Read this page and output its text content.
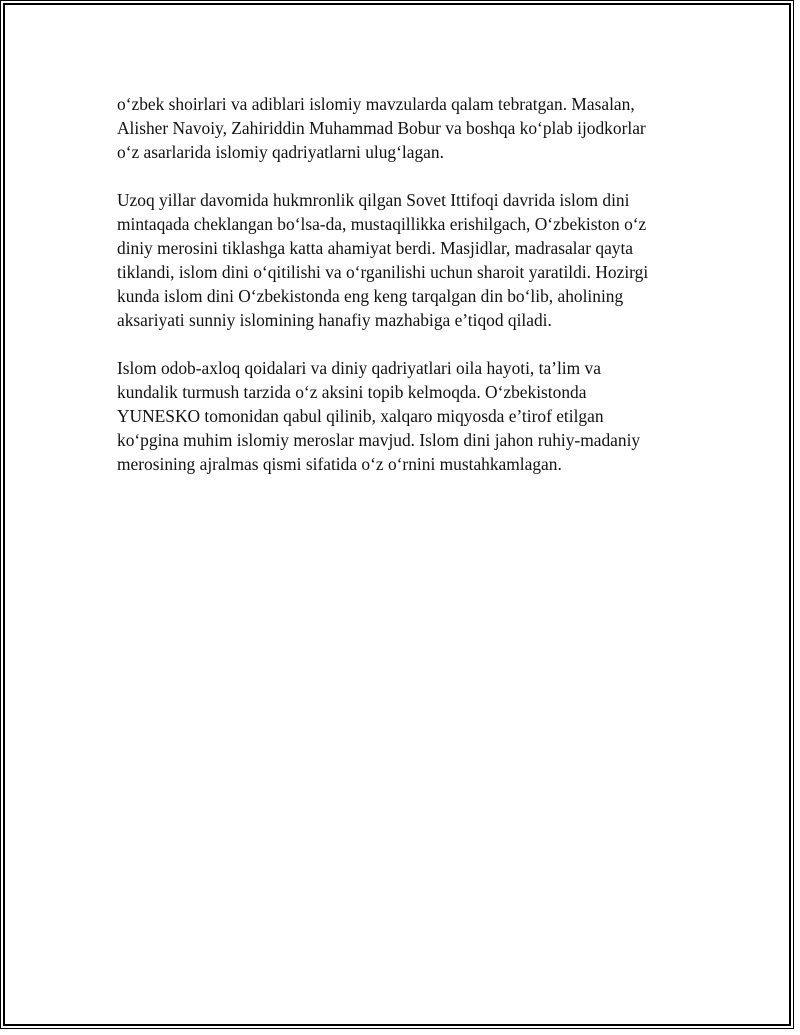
o‘zbek shoirlari va adiblari islomiy mavzularda qalam tebratgan. Masalan,
Alisher Navoiy, Zahiriddin Muhammad Bobur va boshqa ko‘plab ijodkorlar
o‘z asarlarida islomiy qadriyatlarni ulug‘lagan.

Uzoq yillar davomida hukmronlik qilgan Sovet Ittifoqi davrida islom dini
mintaqada cheklangan bo‘lsa-da, mustaqillikka erishilgach, O‘zbekiston o‘z
diniy merosini tiklashga katta ahamiyat berdi. Masjidlar, madrasalar qayta
tiklandi, islom dini o‘qitilishi va o‘rganilishi uchun sharoit yaratildi. Hozirgi
kunda islom dini O‘zbekistonda eng keng tarqalgan din bo‘lib, aholining
aksariyati sunniy islomining hanafiy mazhabiga e’tiqod qiladi.

Islom odob-axloq qoidalari va diniy qadriyatlari oila hayoti, ta’lim va
kundalik turmush tarzida o‘z aksini topib kelmoqda. O‘zbekistonda
YUNESKO tomonidan qabul qilinib, xalqaro miqyosda e’tirof etilgan
ko‘pgina muhim islomiy meroslar mavjud. Islom dini jahon ruhiy-madaniy
merosining ajralmas qismi sifatida o‘z o‘rnini mustahkamlagan.
